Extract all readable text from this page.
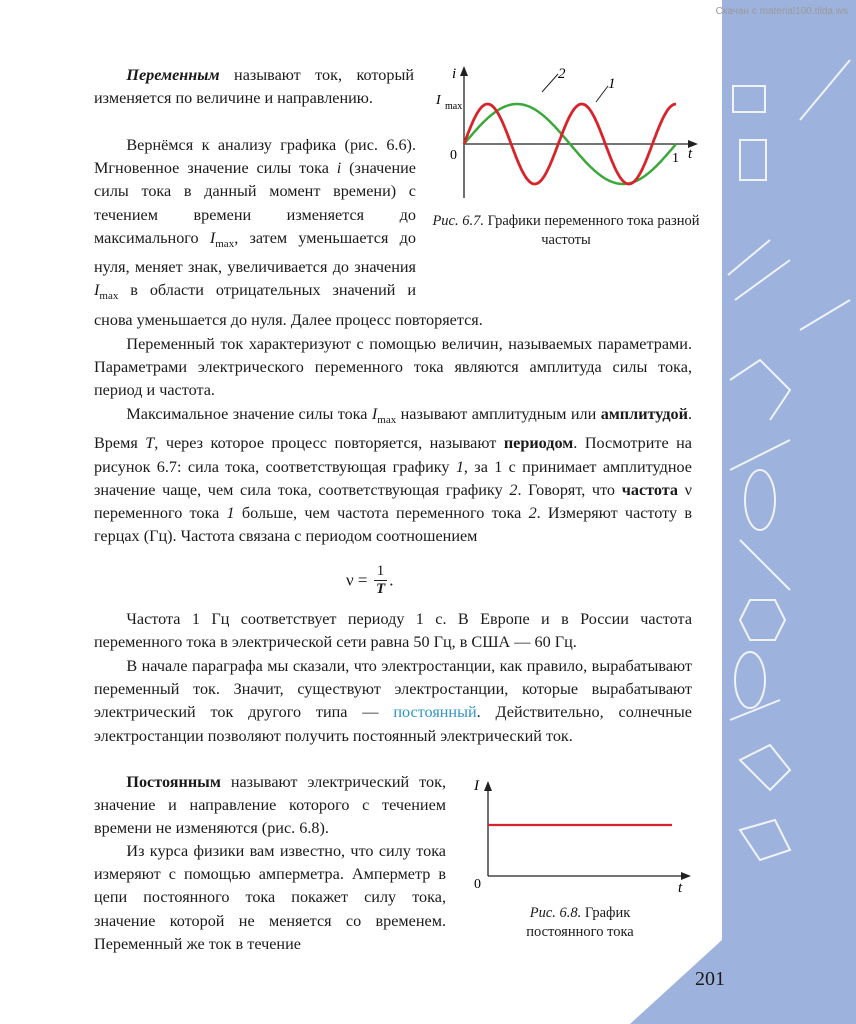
Скачан с material100.tilda.ws

  Переменным называют ток, который изменяется по величине и направлению.

  Вернёмся к анализу графика (рис. 6.6). Мгновенное значение силы тока i (значение силы тока в данный момент времени) с течением времени изменяется до максимального $I_{max}$, затем уменьшается до нуля, меняет знак, увеличивается до значения $I_{max}$ в области отрицательных значений и снова уменьшается до нуля. Далее процесс повторяется.
i
I max
0	1 t
2
1
Рис. 6.7. Графики переменного тока разной частоты

  Переменный ток характеризуют с помощью величин, называемых параметрами. Параметрами электрического переменного тока являются амплитуда силы тока, период и частота.

  Максимальное значение силы тока $I_{max}$ называют амплитудным или амплитудой. Время T, через которое процесс повторяется, называют периодом. Посмотрите на рисунок 6.7: сила тока, соответствующая графику 1, за 1 с принимает амплитудное значение чаще, чем сила тока, соответствующая графику 2. Говорят, что частота ν переменного тока 1 больше, чем частота переменного тока 2. Измеряют частоту в герцах (Гц). Частота связана с периодом соотношением

$\nu = \frac{1}{T}$ .

  Частота 1 Гц соответствует периоду 1 с. В Европе и в России частота переменного тока в электрической сети равна 50 Гц, в США — 60 Гц.

  В начале параграфа мы сказали, что электростанции, как правило, вырабатывают переменный ток. Значит, существуют электростанции, которые вырабатывают электрический ток другого типа — постоянный. Действительно, солнечные электростанции позволяют получить постоянный электрический ток.

  Постоянным называют электрический ток, значение и направление которого с течением времени не изменяются (рис. 6.8).

  Из курса физики вам известно, что силу тока измеряют с помощью амперметра. Амперметр в цепи постоянного тока покажет силу тока, значение которой не меняется со временем. Переменный же ток в течение

I
0	t
Рис. 6.8. График постоянного тока
201
